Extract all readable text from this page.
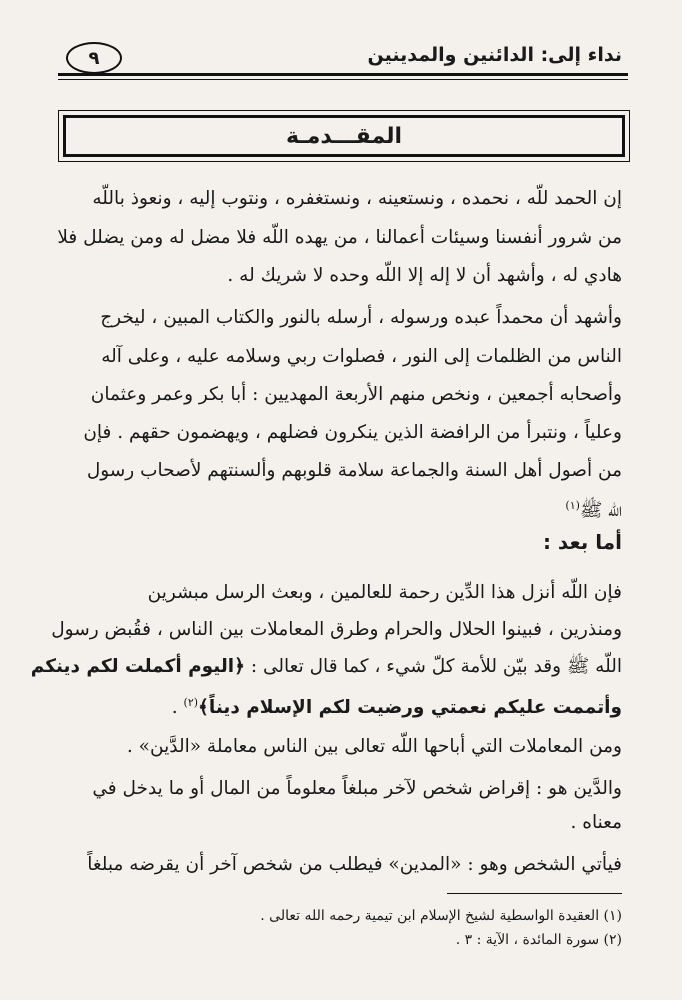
نداء إلى: الدائنين والمدينين
٩
المقـــدمـة
إن الحمد للّه ، نحمده ، ونستعينه ، ونستغفره ، ونتوب إليه ، ونعوذ باللّه
من شرور أنفسنا وسيئات أعمالنا ، من يهده اللّه فلا مضل له ومن يضلل فلا
هادي له ، وأشهد أن لا إله إلا اللّه وحده لا شريك له .
وأشهد أن محمداً عبده ورسوله ، أرسله بالنور والكتاب المبين ، ليخرج
الناس من الظلمات إلى النور ، فصلوات ربي وسلامه عليه ، وعلى آله
وأصحابه أجمعين ، ونخص منهم الأربعة المهديين : أبا بكر وعمر وعثمان
وعلياً ، ونتبرأ من الرافضة الذين ينكرون فضلهم ، ويهضمون حقهم . فإن
من أصول أهل السنة والجماعة سلامة قلوبهم وألسنتهم لأصحاب رسول
اللّه ﷺ$^{(١)}$
أما بعد :
فإن اللّه أنزل هذا الدِّين رحمة للعالمين ، وبعث الرسل مبشرين
ومنذرين ، فبينوا الحلال والحرام وطرق المعاملات بين الناس ، فقُبض رسول
اللّه ﷺ وقد بيّن للأمة كلّ شيء ، كما قال تعالى : ﴿اليوم أكملت لكم دينكم
وأتممت عليكم نعمتي ورضيت لكم الإسلام ديناً﴾$^{(٢)}$ .
ومن المعاملات التي أباحها اللّه تعالى بين الناس معاملة «الدَّين» .
والدَّين هو : إقراض شخص لآخر مبلغاً معلوماً من المال أو ما يدخل في
معناه .
فيأتي الشخص وهو : «المدين» فيطلب من شخص آخر أن يقرضه مبلغاً
(١) العقيدة الواسطية لشيخ الإسلام ابن تيمية رحمه الله تعالى .
(٢) سورة المائدة ، الآية : ٣ .
